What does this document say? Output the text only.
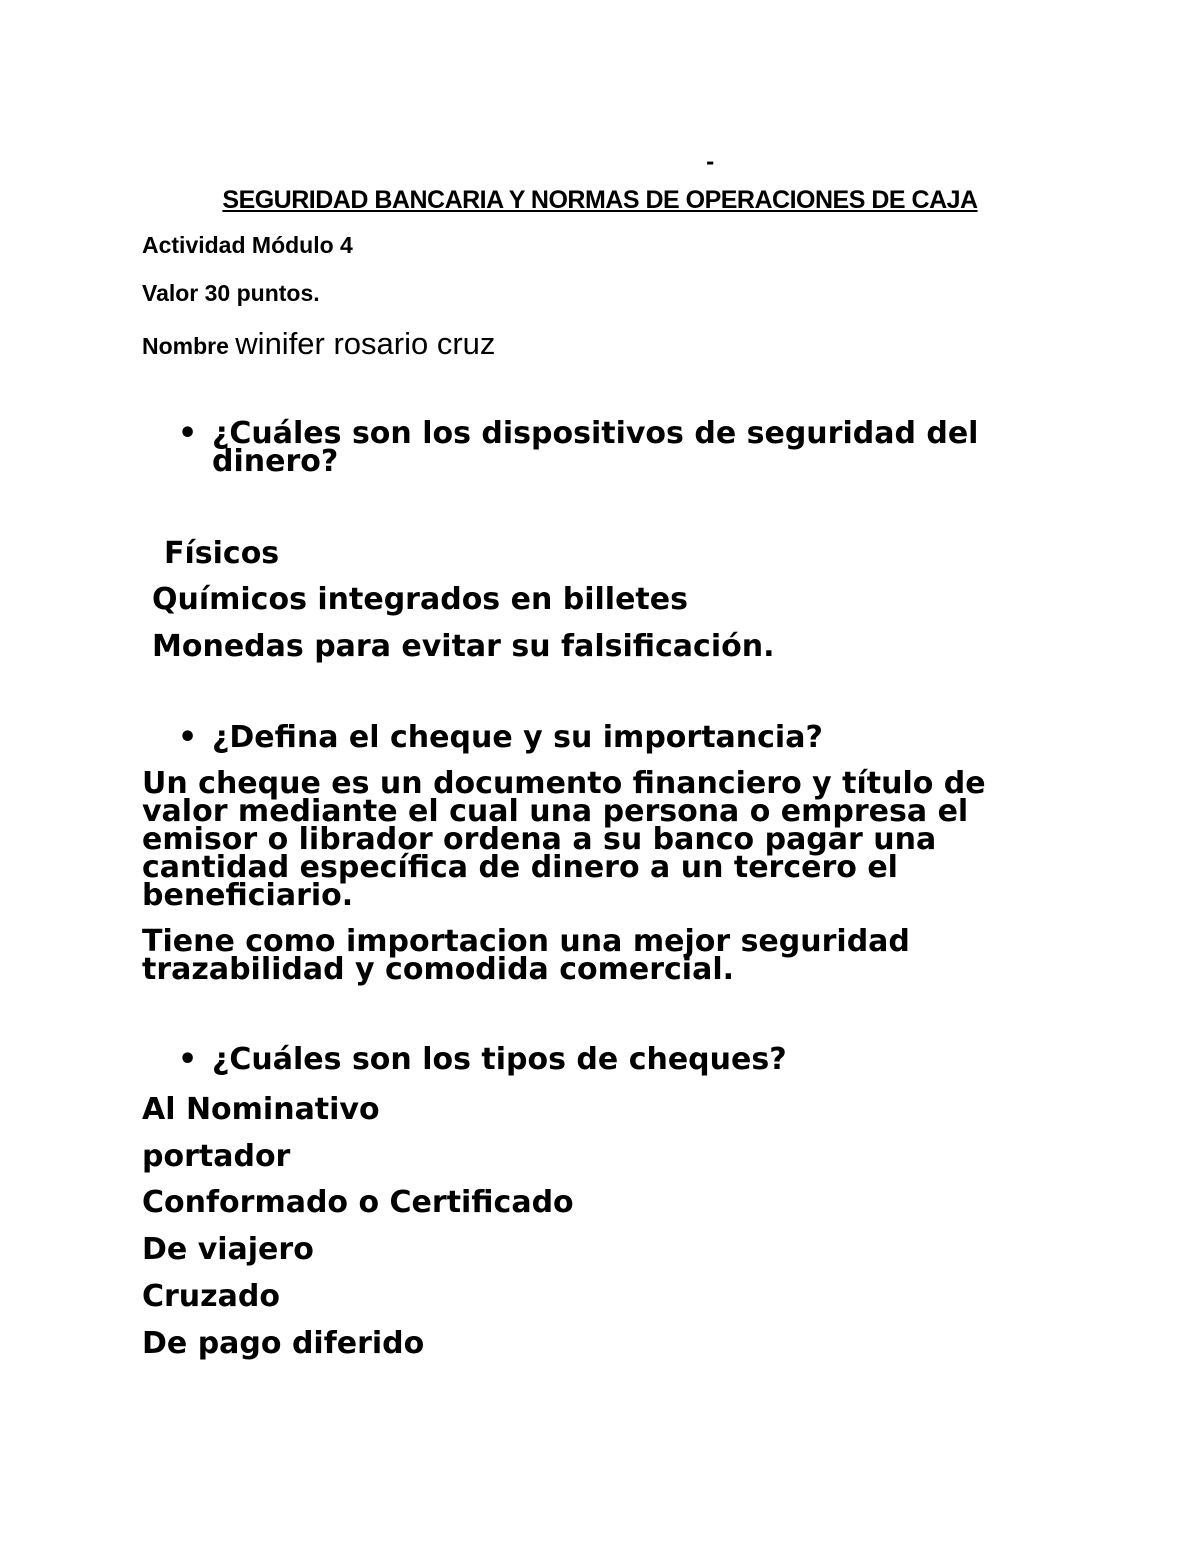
-
SEGURIDAD BANCARIA Y NORMAS DE OPERACIONES DE CAJA
Actividad Módulo 4
Valor 30 puntos.
Nombre winifer rosario cruz
• ¿Cuáles son los dispositivos de seguridad del dinero?
Físicos
Químicos integrados en billetes
Monedas para evitar su falsificación.
• ¿Defina el cheque y su importancia?
Un cheque es un documento financiero y título de valor mediante el cual una persona o empresa el emisor o librador ordena a su banco pagar una cantidad específica de dinero a un tercero el beneficiario.
Tiene como importacion una mejor seguridad trazabilidad y comodida comercial.
• ¿Cuáles son los tipos de cheques?
Al Nominativo
portador
Conformado o Certificado
De viajero
Cruzado
De pago diferido
